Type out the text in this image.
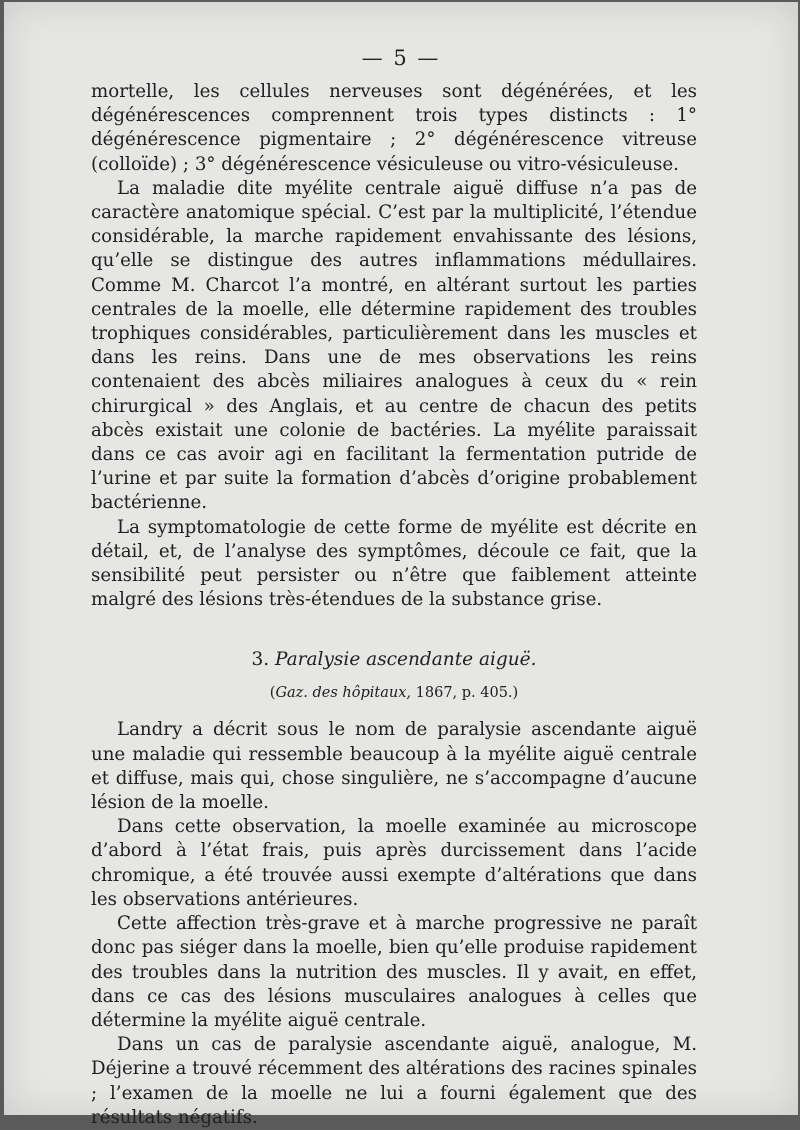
— 5 —

mortelle, les cellules nerveuses sont dégénérées, et les dégénérescences comprennent trois types distincts : 1° dégénérescence pigmentaire ; 2° dégénérescence vitreuse (colloïde) ; 3° dégénérescence vésiculeuse ou vitro-vésiculeuse.

La maladie dite myélite centrale aiguë diffuse n’a pas de caractère anatomique spécial. C’est par la multiplicité, l’étendue considérable, la marche rapidement envahissante des lésions, qu’elle se distingue des autres inflammations médullaires. Comme M. Charcot l’a montré, en altérant surtout les parties centrales de la moelle, elle détermine rapidement des troubles trophiques considérables, particulièrement dans les muscles et dans les reins. Dans une de mes observations les reins contenaient des abcès miliaires analogues à ceux du « rein chirurgical » des Anglais, et au centre de chacun des petits abcès existait une colonie de bactéries. La myélite paraissait dans ce cas avoir agi en facilitant la fermentation putride de l’urine et par suite la formation d’abcès d’origine probablement bactérienne.

La symptomatologie de cette forme de myélite est décrite en détail, et, de l’analyse des symptômes, découle ce fait, que la sensibilité peut persister ou n’être que faiblement atteinte malgré des lésions très-étendues de la substance grise.

3. Paralysie ascendante aiguë.
(Gaz. des hôpitaux, 1867, p. 405.)

Landry a décrit sous le nom de paralysie ascendante aiguë une maladie qui ressemble beaucoup à la myélite aiguë centrale et diffuse, mais qui, chose singulière, ne s’accompagne d’aucune lésion de la moelle.

Dans cette observation, la moelle examinée au microscope d’abord à l’état frais, puis après durcissement dans l’acide chromique, a été trouvée aussi exempte d’altérations que dans les observations antérieures.

Cette affection très-grave et à marche progressive ne paraît donc pas siéger dans la moelle, bien qu’elle produise rapidement des troubles dans la nutrition des muscles. Il y avait, en effet, dans ce cas des lésions musculaires analogues à celles que détermine la myélite aiguë centrale.

Dans un cas de paralysie ascendante aiguë, analogue, M. Déjerine a trouvé récemment des altérations des racines spinales ; l’examen de la moelle ne lui a fourni également que des résultats négatifs.
